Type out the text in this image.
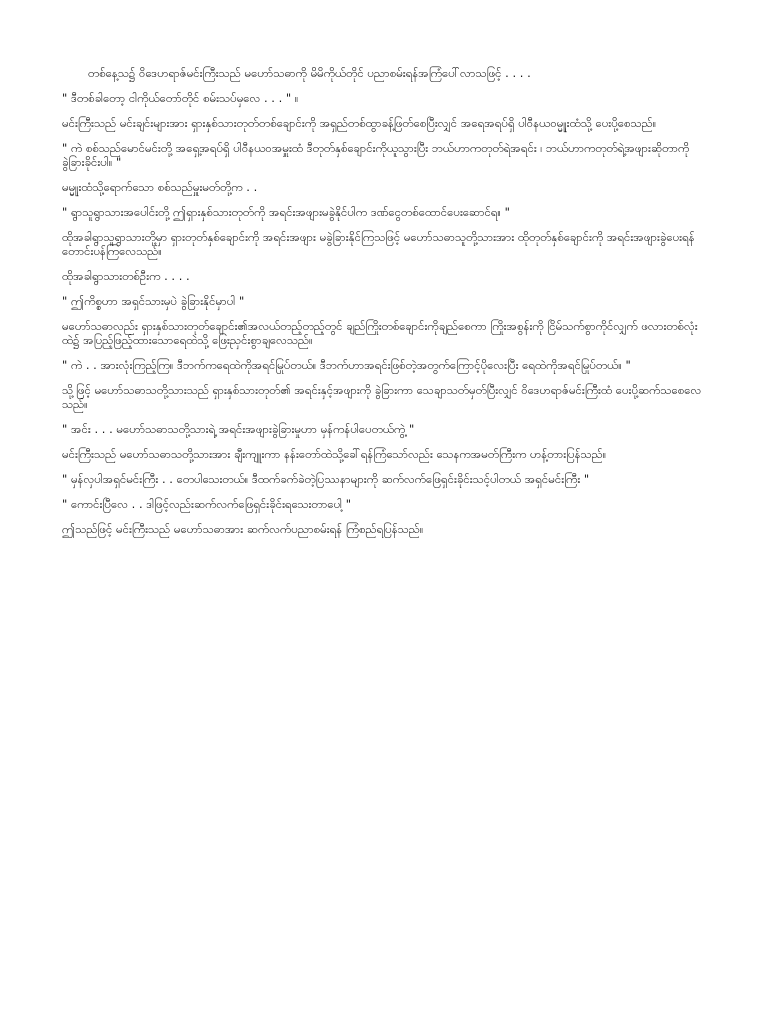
တစ်နေ့သ၌ ဝိဒေဟရာဇ်မင်းကြီးသည် မဟော်သဓာကို မိမိကိုယ်တိုင် ပညာစမ်းရန်အကြံပေါ်လာသဖြင့် . . . .

" ဒီတစ်ခါတော့ ငါကိုယ်တော်တိုင် စမ်းသပ်မှလေ . . . " ။

မင်းကြီးသည် မင်းချင်းများအား ရှားနှစ်သားတုတ်တစ်ချောင်းကို အရှည်တစ်ထွာခန့်ဖြတ်စေပြီးလျှင် အရေအရပ်ရှိ ပါဝီနယဝမ္မှူးထံသို့ ပေးပို့စေသည်။

" ကဲ စစ်သည်မောင်မင်းတို့ အရှေ့အရပ်ရှိ ပါဝီနယဝအမှူးထံ ဒီတုတ်နှစ်ချောင်းကိုယူသွားပြီး ဘယ်ဟာကတုတ်ရဲအရင်း ၊ ဘယ်ဟာကတုတ်ရဲ့အဖျားဆိုတာကို ခွဲခြားခိုင်းပါ။ "

မမ္မှူးထံသို့ရောက်သော စစ်သည်မှူးမတ်တို့က . .

" ရွာသူရွာသားအပေါင်းတို့ ဤရှားနှစ်သားတုတ်ကို အရင်းအဖျားမခွဲနိုင်ပါက ဒဏ်ငွေတစ်ထောင်ပေးဆောင်ရ။ "

ထိုအခါရွာသူရွာသားတို့မှာ ရှားတုတ်နှစ်ချောင်းကို အရင်းအဖျား မခွဲခြားနိုင်ကြသဖြင့် မဟော်သဓာသူတို့သားအား ထိုတုတ်နှစ်ချောင်းကို အရင်းအဖျားခွဲပေးရန် တောင်းပန်ကြလေသည်။

ထိုအခါရွာသားတစ်ဦးက . . . .

" ဤကိစ္စဟာ အရှင်သားမှပဲ ခွဲခြားနိုင်မှာပါ "

မဟော်သဓာလည်း ရှားနှစ်သားတုတ်ချောင်း၏အလယ်တည့်တည့်တွင် ချည်ကြိုးတစ်ချောင်းကိုချည်စေကာ ကြိုးအစွန်းကို ငြိမ်သက်စွာကိုင်လျှက် ဖလားတစ်လုံးထဲ၌ အပြည့်ဖြည့်ထားသောရေထဲသို့ ဖြေးညှင်းစွာချလေသည်။

" ကဲ . . အားလုံးကြည့်ကြ။ ဒီဘက်ကရေထဲကိုအရင်မြုပ်တယ်။ ဒီဘက်ဟာအရင်းဖြစ်တဲ့အတွက်ကြောင့်ပိုလေးပြီး ရေထဲကိုအရင်မြုပ်တယ်။ "

သို့ဖြင့် မဟော်သဓာသတို့သားသည် ရှားနှစ်သားတုတ်၏ အရင်းနှင့်အဖျားကို ခွဲခြားကာ သေချာသတ်မှတ်ပြီးလျှင် ဝိဒေဟရာဇ်မင်းကြီးထံ ပေးပို့ဆက်သစေလေသည်။

" အင်း . . . မဟော်သဓာသတို့သားရဲ့ အရင်းအဖျားခွဲခြားမှုဟာ မှန်ကန်ပါပေတယ်ကွဲ့ "

မင်းကြီးသည် မဟော်သဓာသတို့သားအား ချီးကျူးကာ နန်းတော်ထဲသို့ခေါ်ရန်ကြံသော်လည်း သေနကအမတ်ကြီးက ဟန့်တားပြန်သည်။

" မှန်လှပါအရှင်မင်းကြီး . . တေပါသေးတယ်။ ဒီထက်ခက်ခဲတဲ့ပြဿနာများကို ဆက်လက်ဖြေရှင်းခိုင်းသင့်ပါတယ် အရှင်မင်းကြီး "

" ကောင်းပြီလေ . . ဒါဖြင့်လည်းဆက်လက်ဖြေရှင်းခိုင်းရသေးတာပေါ့ "

ဤသည်ဖြင့် မင်းကြီးသည် မဟော်သဓာအား ဆက်လက်ပညာစမ်းရန် ကြံစည်ရပြန်သည်။
